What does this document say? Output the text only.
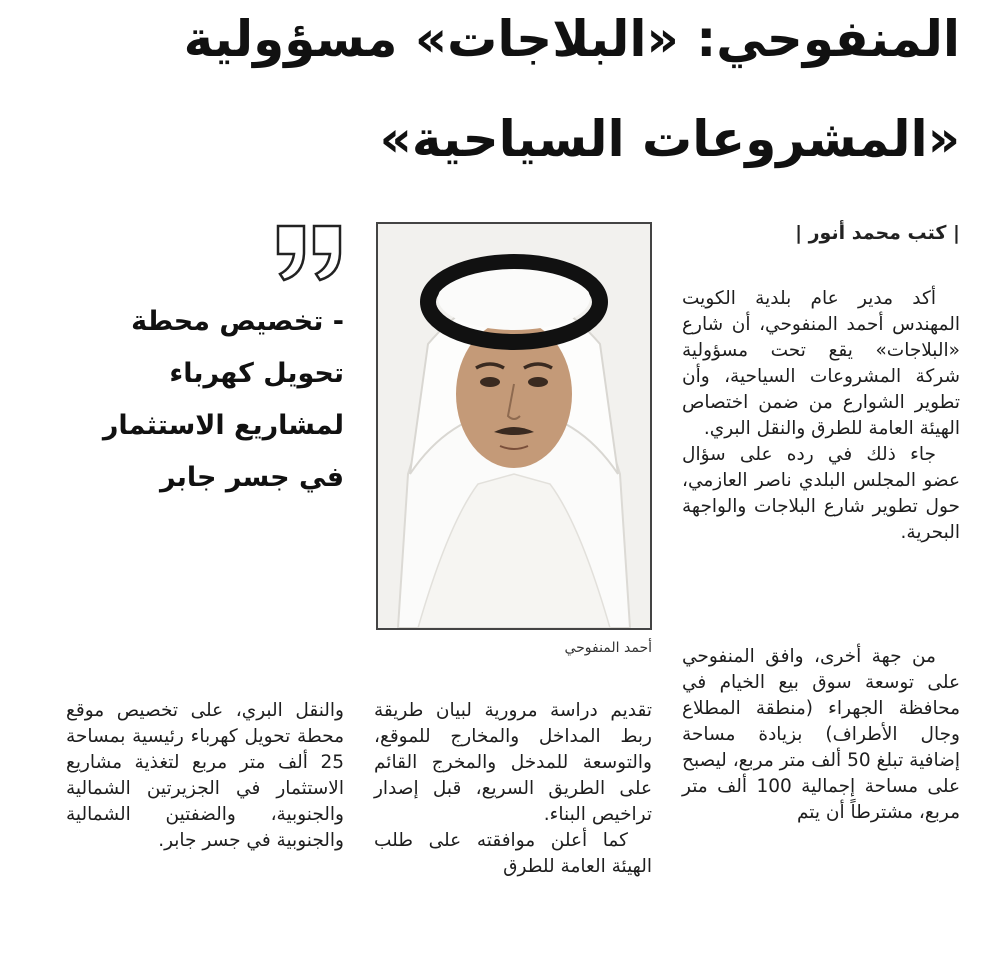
المنفوحي: «البلاجات» مسؤولية
«المشروعات السياحية»
| كتب محمد أنور |

أكد مدير عام بلدية الكويت المهندس أحمد المنفوحي، أن شارع «البلاجات» يقع تحت مسؤولية شركة المشروعات السياحية، وأن تطوير الشوارع من ضمن اختصاص الهيئة العامة للطرق والنقل البري.

جاء ذلك في رده على سؤال عضو المجلس البلدي ناصر العازمي، حول تطوير شارع البلاجات والواجهة البحرية.

من جهة أخرى، وافق المنفوحي على توسعة سوق بيع الخيام في محافظة الجهراء (منطقة المطلاع وجال الأطراف) بزيادة مساحة إضافية تبلغ 50 ألف متر مربع، ليصبح على مساحة إجمالية 100 ألف متر مربع، مشترطاً أن يتم

أحمد المنفوحي
- تخصيص محطة تحويل كهرباء لمشاريع الاستثمار في جسر جابر

تقديم دراسة مرورية لبيان طريقة ربط المداخل والمخارج للموقع، والتوسعة للمدخل والمخرج القائم على الطريق السريع، قبل إصدار تراخيص البناء.

كما أعلن موافقته على طلب الهيئة العامة للطرق

والنقل البري، على تخصيص موقع محطة تحويل كهرباء رئيسية بمساحة 25 ألف متر مربع لتغذية مشاريع الاستثمار في الجزيرتين الشمالية والجنوبية، والضفتين الشمالية والجنوبية في جسر جابر.
